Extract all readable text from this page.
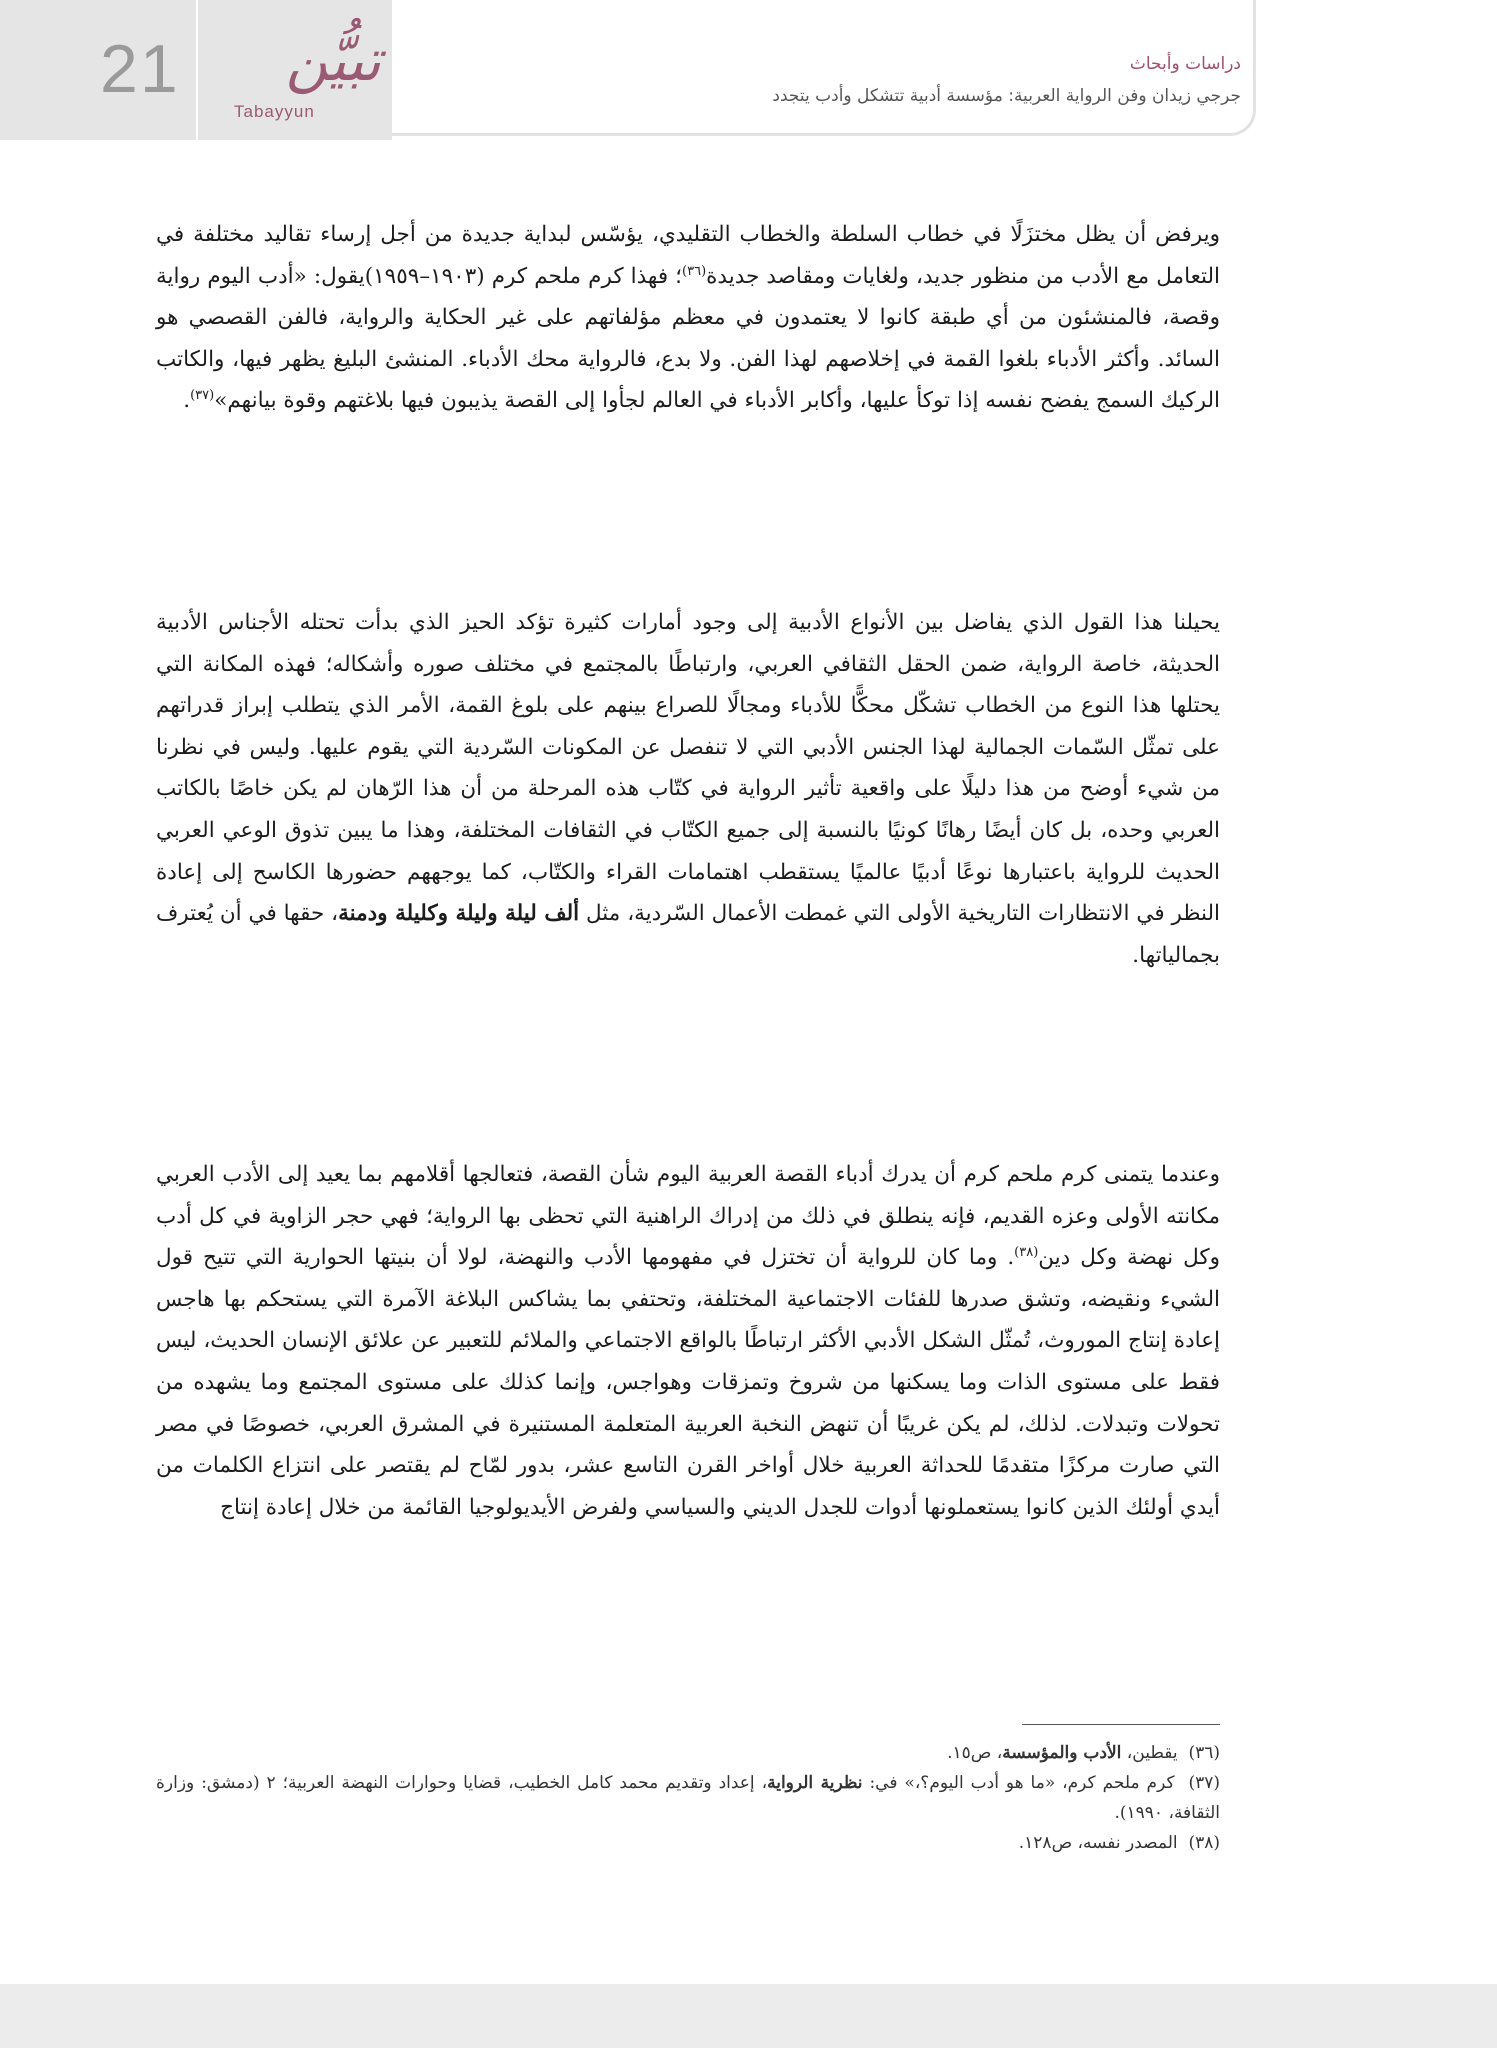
21 تبيُّن
Tabayyun
دراسات وأبحاث
جرجي زيدان وفن الرواية العربية: مؤسسة أدبية تتشكل وأدب يتجدد

ويرفض أن يظل مختزَلًا في خطاب السلطة والخطاب التقليدي، يؤسّس لبداية جديدة من أجل إرساء تقاليد مختلفة في التعامل مع الأدب من منظور جديد، ولغايات ومقاصد جديدة$^{(٣٦)}$؛ فهذا كرم ملحم كرم (١٩٠٣–١٩٥٩)يقول: «أدب اليوم رواية وقصة، فالمنشئون من أي طبقة كانوا لا يعتمدون في معظم مؤلفاتهم على غير الحكاية والرواية، فالفن القصصي هو السائد. وأكثر الأدباء بلغوا القمة في إخلاصهم لهذا الفن. ولا بدع، فالرواية محك الأدباء. المنشئ البليغ يظهر فيها، والكاتب الركيك السمج يفضح نفسه إذا توكأ عليها، وأكابر الأدباء في العالم لجأوا إلى القصة يذيبون فيها بلاغتهم وقوة بيانهم»$^{(٣٧)}$.

يحيلنا هذا القول الذي يفاضل بين الأنواع الأدبية إلى وجود أمارات كثيرة تؤكد الحيز الذي بدأت تحتله الأجناس الأدبية الحديثة، خاصة الرواية، ضمن الحقل الثقافي العربي، وارتباطًا بالمجتمع في مختلف صوره وأشكاله؛ فهذه المكانة التي يحتلها هذا النوع من الخطاب تشكّل محكًّا للأدباء ومجالًا للصراع بينهم على بلوغ القمة، الأمر الذي يتطلب إبراز قدراتهم على تمثّل السّمات الجمالية لهذا الجنس الأدبي التي لا تنفصل عن المكونات السّردية التي يقوم عليها. وليس في نظرنا من شيء أوضح من هذا دليلًا على واقعية تأثير الرواية في كتّاب هذه المرحلة من أن هذا الرّهان لم يكن خاصًا بالكاتب العربي وحده، بل كان أيضًا رهانًا كونيًا بالنسبة إلى جميع الكتّاب في الثقافات المختلفة، وهذا ما يبين تذوق الوعي العربي الحديث للرواية باعتبارها نوعًا أدبيًا عالميًا يستقطب اهتمامات القراء والكتّاب، كما يوجههم حضورها الكاسح إلى إعادة النظر في الانتظارات التاريخية الأولى التي غمطت الأعمال السّردية، مثل ألف ليلة وليلة وكليلة ودمنة، حقها في أن يُعترف بجمالياتها.

وعندما يتمنى كرم ملحم كرم أن يدرك أدباء القصة العربية اليوم شأن القصة، فتعالجها أقلامهم بما يعيد إلى الأدب العربي مكانته الأولى وعزه القديم، فإنه ينطلق في ذلك من إدراك الراهنية التي تحظى بها الرواية؛ فهي حجر الزاوية في كل أدب وكل نهضة وكل دين$^{(٣٨)}$. وما كان للرواية أن تختزل في مفهومها الأدب والنهضة، لولا أن بنيتها الحوارية التي تتيح قول الشيء ونقيضه، وتشق صدرها للفئات الاجتماعية المختلفة، وتحتفي بما يشاكس البلاغة الآمرة التي يستحكم بها هاجس إعادة إنتاج الموروث، تُمثّل الشكل الأدبي الأكثر ارتباطًا بالواقع الاجتماعي والملائم للتعبير عن علائق الإنسان الحديث، ليس فقط على مستوى الذات وما يسكنها من شروخ وتمزقات وهواجس، وإنما كذلك على مستوى المجتمع وما يشهده من تحولات وتبدلات. لذلك، لم يكن غريبًا أن تنهض النخبة العربية المتعلمة المستنيرة في المشرق العربي، خصوصًا في مصر التي صارت مركزًا متقدمًا للحداثة العربية خلال أواخر القرن التاسع عشر، بدور لمّاح لم يقتصر على انتزاع الكلمات من أيدي أولئك الذين كانوا يستعملونها أدوات للجدل الديني والسياسي ولفرض الأيديولوجيا القائمة من خلال إعادة إنتاج

(٣٦)  يقطين، الأدب والمؤسسة، ص١٥.
(٣٧)  كرم ملحم كرم، «ما هو أدب اليوم؟،» في: نظرية الرواية، إعداد وتقديم محمد كامل الخطيب، قضايا وحوارات النهضة العربية؛ ٢ (دمشق: وزارة الثقافة، ١٩٩٠).
(٣٨)  المصدر نفسه، ص١٢٨.
